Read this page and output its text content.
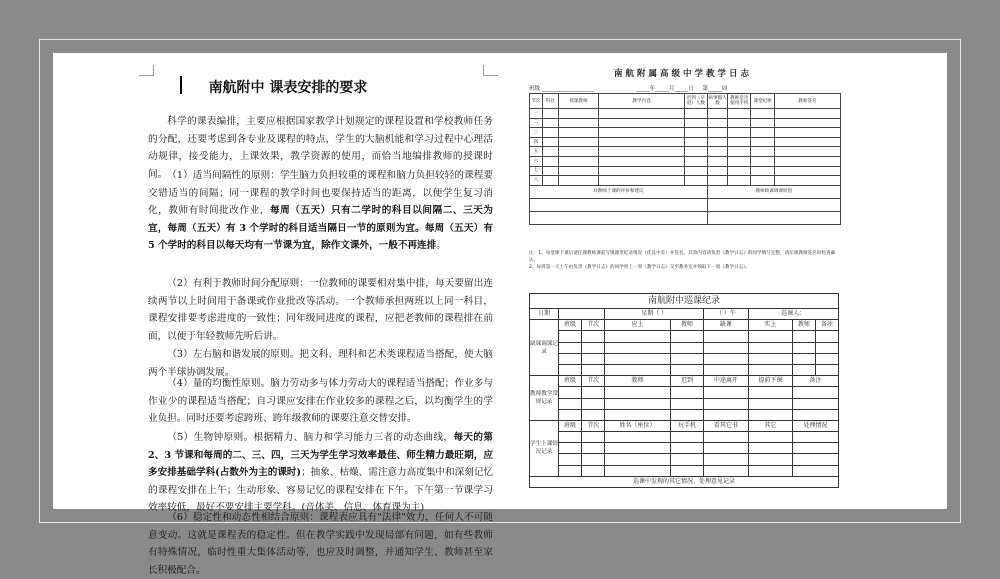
南航附中 课表安排的要求
科学的课表编排，主要应根据国家教学计划规定的课程设置和学校教师任务的分配，还要考虑到各专业及课程的特点，学生的大脑机能和学习过程中心理活动规律，接受能力，上课效果，教学资源的使用，而恰当地编排教师的授课时间。 （1）适当间隔性的原则：学生脑力负担较重的课程和脑力负担较轻的课程要交错适当的间隔；同一课程的教学时间也要保持适当的距离，以便学生复习消化，教师有时间批改作业，每周（五天）只有二学时的科目以间隔二、三天为宜，每周（五天）有 3 个学时的科目适当隔日一节的原则为宜。每周（五天）有 5 个学时的科目以每天均有一节课为宜，除作文课外，一般不再连排。
（2）有利于教师时间分配原则：一位教师的课要相对集中排，每天要留出连续两节以上时间用于备课或作业批改等活动。一个教师承担两班以上同一科目，课程安排要考虑进度的一致性；同年级同进度的课程，应把老教师的课程排在前面，以便于年轻教师先听后讲。
（3）左右脑和谐发展的原则。把文科、理科和艺术类课程适当搭配，使大脑两个半球协调发展。
（4）量的均衡性原则。脑力劳动多与体力劳动大的课程适当搭配；作业多与作业少的课程适当搭配；自习课应安排在作业较多的课程之后，以均衡学生的学业负担。同时还要考虑跨班、跨年级教师的课要注意交替安排。
（5）生物钟原则。根据精力、脑力和学习能力三者的动态曲线，每天的第 2、3 节课和每周的二、三、四，三天为学生学习效率最佳、师生精力最旺期，应多安排基础学科(占数外为主的课时)；抽象、枯燥、需注意力高度集中和深刻记忆的课程安排在上午；生动形象、容易记忆的课程安排在下午。下午第一节课学习效率较低，最好不要安排主要学科。(音体美、信息、体育课为主)
（6）稳定性和动态性相结合原则：课程表应具有"法律"效力，任何人不可随意变动。这就是课程表的稳定性。但在教学实践中发现局部有问题，如有些教师有特殊情况，临时性重大集体活动等，也应及时调整，并通知学生、教师甚至家长积极配合。
南航附属高级中学教学日志
班级 ___________________                        _____年_____月_____日     第_____周
节次	科目	授课教师	教学内容	迟到（早退）人数	病事假人数	教师是否使用手机	课堂纪律	教师签名
一								
二								
三								
四								
五								
六								
七								
八								
对教师上课的评价和建议					教师缺课调课原因			

注：1、每堂课下课后请任课教师课前写填课堂纪录情况（优良中差）并签名。其余内容请负责《教学日志》的同学填写完整，请任课教师签名时检查确认。
2、每周第一天上午由负责《教学日志》的同学将上一周《教学日志》交至教务室并领取下一周《教学日志》。
南航附中巡课纪录								
日期			星期（ ）		（ ）午	巡课人：		
缺课调课记录	班级	节次	应上	教师	缺课	实上	教师	备注

教师教学常规记录	班级	节次	教师	迟到	中途离开	提前下课	备注	

学生上课情况记录	班级	节次	姓名（座位）	玩手机	看其它书	其它	处理情况	

巡课中发现的其它情况、处理意见记录								
